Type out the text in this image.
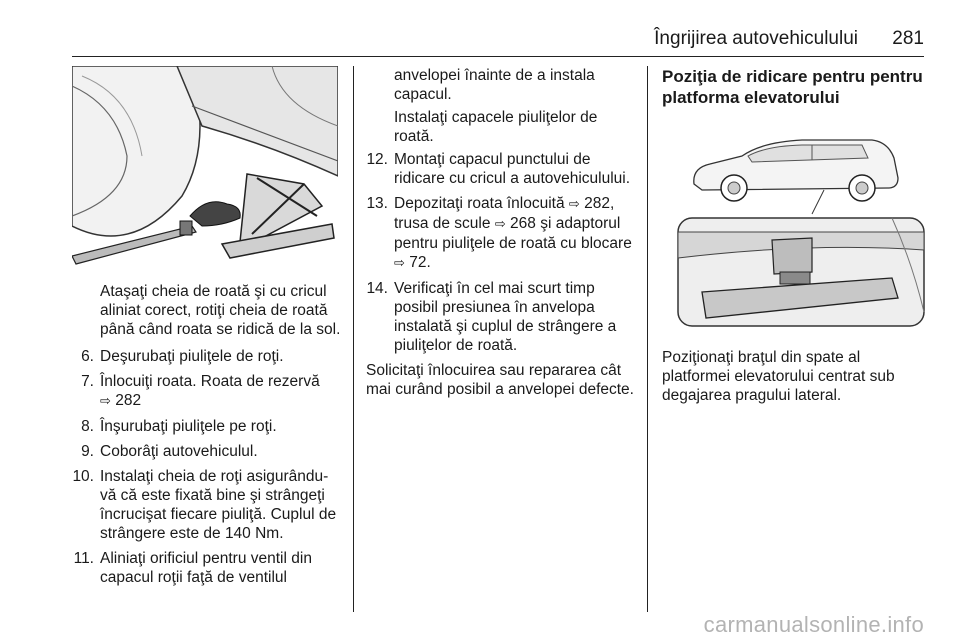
Îngrijirea autovehiculului 281

Ataşaţi cheia de roată şi cu cricul aliniat corect, rotiţi cheia de roată până când roata se ridică de la sol.

6. Deşurubaţi piuliţele de roţi.
7. Înlocuiţi roata. Roata de rezervă
⇨ 282
8. Înşurubaţi piuliţele pe roţi.
9. Coborâţi autovehiculul.
10. Instalaţi cheia de roţi asigurându-vă că este fixată bine şi strângeţi încrucişat fiecare piuliţă. Cuplul de strângere este de 140 Nm.
11. Aliniaţi orificiul pentru ventil din capacul roţii faţă de ventilul

anvelopei înainte de a instala capacul.

Instalaţi capacele piuliţelor de roată.

12. Montaţi capacul punctului de ridicare cu cricul a autovehiculului.
13. Depozitaţi roata înlocuită ⇨ 282, trusa de scule ⇨ 268 şi adaptorul pentru piuliţele de roată cu blocare ⇨ 72.
14. Verificaţi în cel mai scurt timp posibil presiunea în anvelopa instalată şi cuplul de strângere a piuliţelor de roată.

Solicitaţi înlocuirea sau repararea cât mai curând posibil a anvelopei defecte.

Poziţia de ridicare pentru pentru platforma elevatorului

Poziţionaţi braţul din spate al platformei elevatorului centrat sub degajarea pragului lateral.

carmanualsonline.info
